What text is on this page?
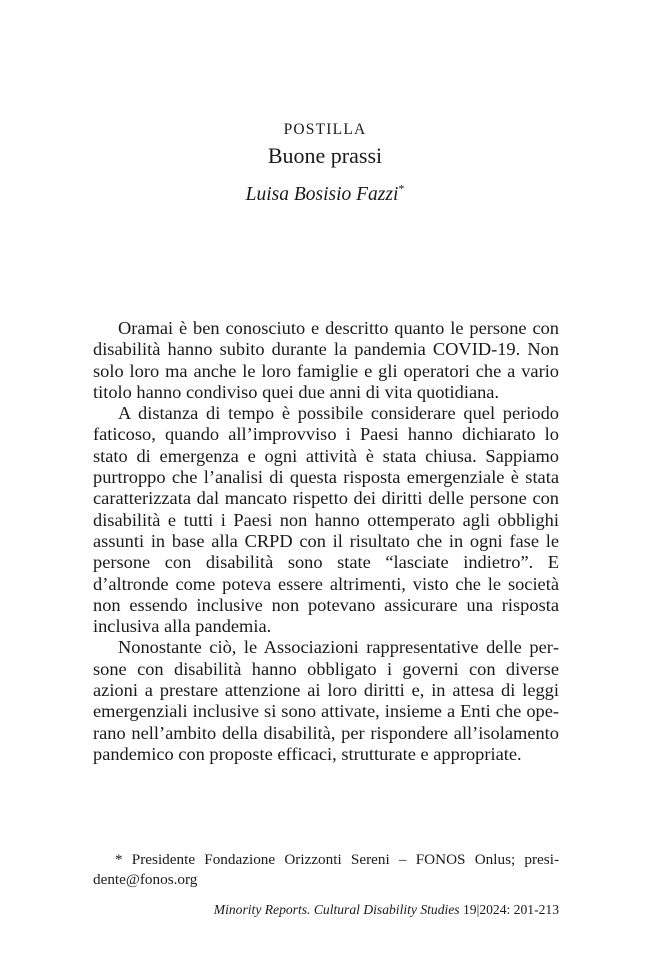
POSTILLA
Buone prassi
Luisa Bosisio Fazzi*

Oramai è ben conosciuto e descritto quanto le persone con disabilità hanno subito durante la pandemia COVID-19. Non solo loro ma anche le loro famiglie e gli operatori che a vario titolo hanno condiviso quei due anni di vita quotidiana.

A distanza di tempo è possibile considerare quel periodo faticoso, quando all’improvviso i Paesi hanno dichiarato lo stato di emergenza e ogni attività è stata chiusa. Sappiamo purtroppo che l’analisi di questa risposta emergenziale è stata caratterizzata dal mancato rispetto dei diritti delle persone con disabilità e tutti i Paesi non hanno ottemperato agli obblighi assunti in base alla CRPD con il risultato che in ogni fase le persone con disabilità sono state “lasciate indietro”. E d’altronde come poteva essere altrimenti, visto che le società non essendo inclusive non potevano assicurare una risposta inclusiva alla pandemia.

Nonostante ciò, le Associazioni rappresentative delle persone con disabilità hanno obbligato i governi con diverse azioni a prestare attenzione ai loro diritti e, in attesa di leggi emergenziali inclusive si sono attivate, insieme a Enti che operano nell’ambito della disabilità, per rispondere all’isolamento pandemico con proposte efficaci, strutturate e appropriate.

* Presidente Fondazione Orizzonti Sereni – FONOS Onlus; presidente@fonos.org
Minority Reports. Cultural Disability Studies 19|2024: 201-213
